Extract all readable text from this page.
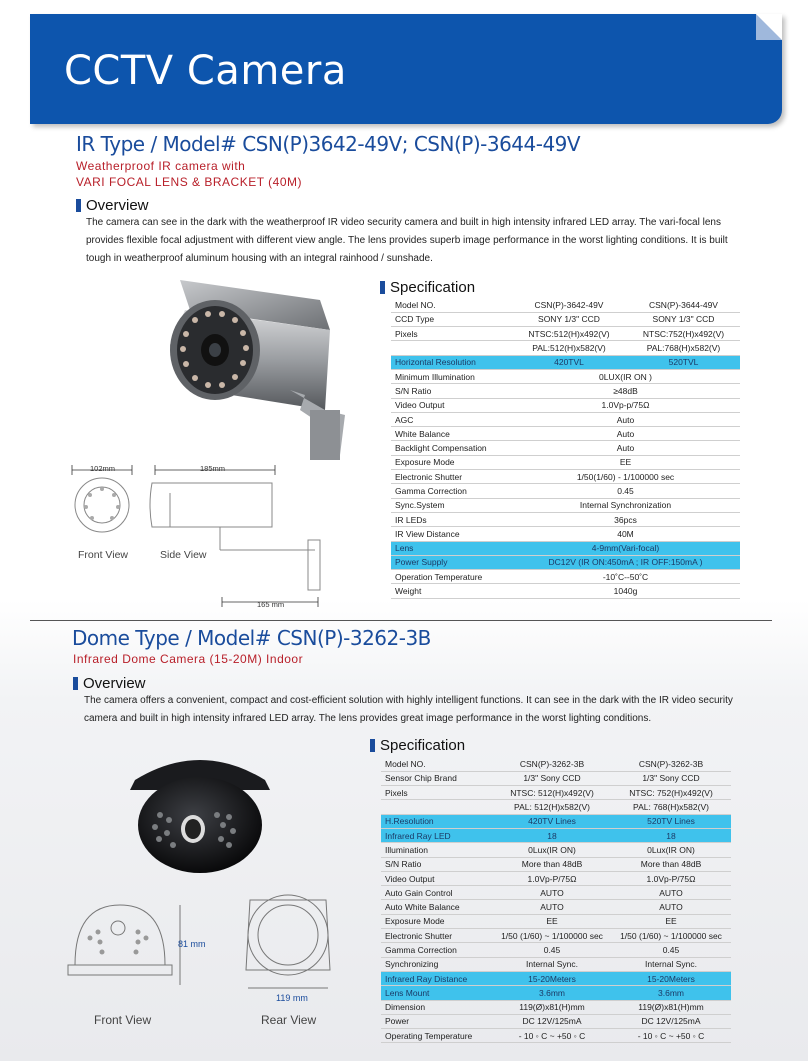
CCTV Camera
IR Type / Model# CSN(P)3642-49V; CSN(P)-3644-49V
Weatherproof IR camera with
VARI FOCAL LENS & BRACKET (40M)
Overview
The camera can see in the dark with the weatherproof IR video security camera and built in high intensity infrared LED array. The vari-focal lens
provides flexible focal adjustment with different view angle. The lens provides superb image performance in the worst lighting conditions. It is built
tough in weatherproof aluminum housing with an integral rainhood / sunshade.
102mm	185mm
165 mm
Front View	Side View
Specification
Model NO.	CSN(P)-3642-49V	CSN(P)-3644-49V
CCD Type	SONY 1/3" CCD	SONY 1/3" CCD
Pixels	NTSC:512(H)x492(V)	NTSC:752(H)x492(V)
	PAL:512(H)x582(V)	PAL:768(H)x582(V)
Horizontal Resolution	420TVL	520TVL
Minimum Illumination	0LUX(IR ON )	
S/N Ratio	≥48dB	
Video Output	1.0Vp-p/75Ω	
AGC	Auto	
White Balance	Auto	
Backlight Compensation	Auto	
Exposure Mode	EE	
Electronic Shutter	1/50(1/60) - 1/100000 sec	
Gamma Correction	0.45	
Sync.System	Internal Synchronization	
IR LEDs	36pcs	
IR View Distance	40M	
Lens	4-9mm(Vari-focal)	
Power Supply	DC12V (IR ON:450mA ; IR OFF:150mA )	
Operation Temperature	-10˚C--50˚C	
Weight	1040g	
Dome Type / Model# CSN(P)-3262-3B
Infrared Dome Camera (15-20M) Indoor
Overview
The camera offers a convenient, compact and cost-efficient solution with highly intelligent functions. It can see in the dark with the IR video security
camera and built in high intensity infrared LED array. The lens provides great image performance in the worst lighting conditions.
81 mm
119 mm
Front View	Rear View
Specification
Model NO.	CSN(P)-3262-3B	CSN(P)-3262-3B
Sensor Chip Brand	1/3" Sony CCD	1/3" Sony CCD
Pixels	NTSC: 512(H)x492(V)	NTSC: 752(H)x492(V)
	PAL: 512(H)x582(V)	PAL: 768(H)x582(V)
H.Resolution	420TV Lines	520TV Lines
Infrared Ray LED	18	18
Illumination	0Lux(IR ON)	0Lux(IR ON)
S/N Ratio	More than 48dB	More than 48dB
Video Output	1.0Vp-P/75Ω	1.0Vp-P/75Ω
Auto Gain Control	AUTO	AUTO
Auto White Balance	AUTO	AUTO
Exposure Mode	EE	EE
Electronic Shutter	1/50 (1/60) ~ 1/100000 sec	1/50 (1/60) ~ 1/100000 sec
Gamma Correction	0.45	0.45
Synchronizing	Internal Sync.	Internal Sync.
Infrared Ray Distance	15-20Meters	15-20Meters
Lens Mount	3.6mm	3.6mm
Dimension	119(Ø)x81(H)mm	119(Ø)x81(H)mm
Power	DC 12V/125mA	DC 12V/125mA
Operating Temperature	- 10 ◦ C ~ +50 ◦ C	- 10 ◦ C ~ +50 ◦ C
